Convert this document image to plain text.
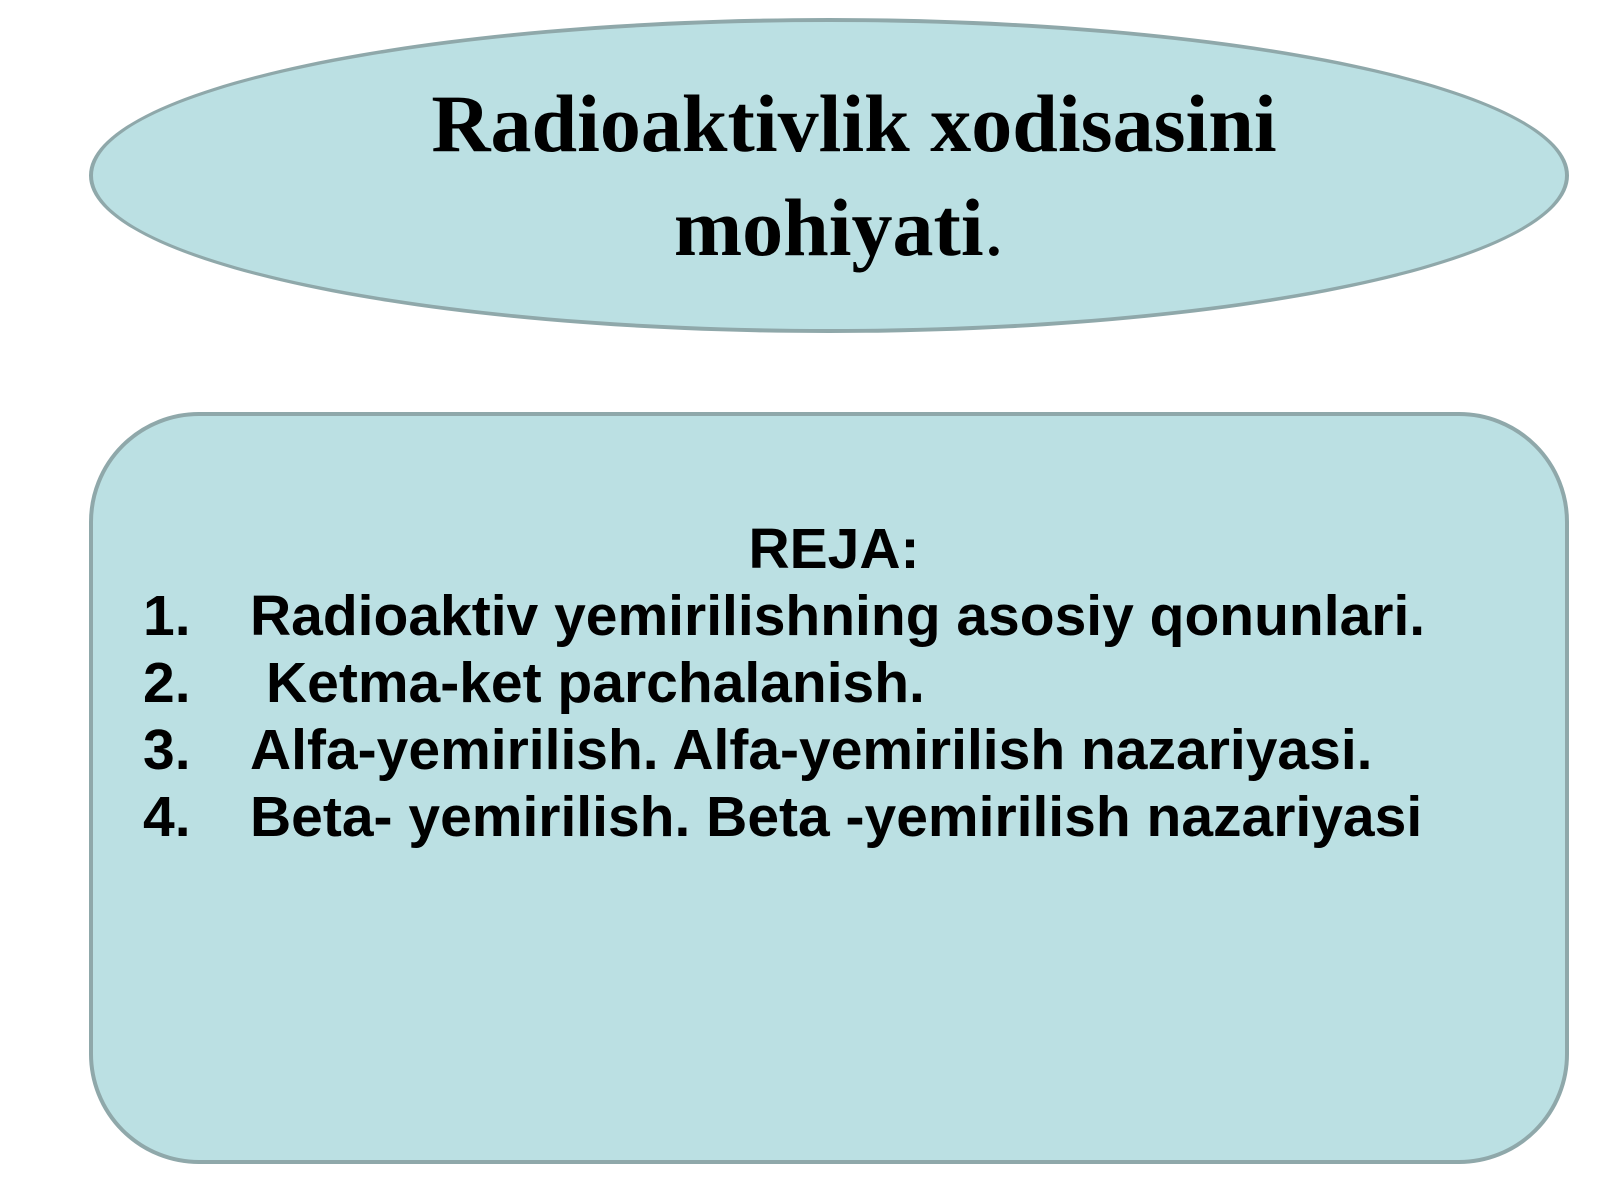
Radioaktivlik xodisasini
mohiyati.
REJA:
1. Radioaktiv yemirilishning asosiy qonunlari.
2. Ketma-ket parchalanish.
3. Alfa-yemirilish. Alfa-yemirilish nazariyasi.
4. Beta- yemirilish. Beta -yemirilish nazariyasi
